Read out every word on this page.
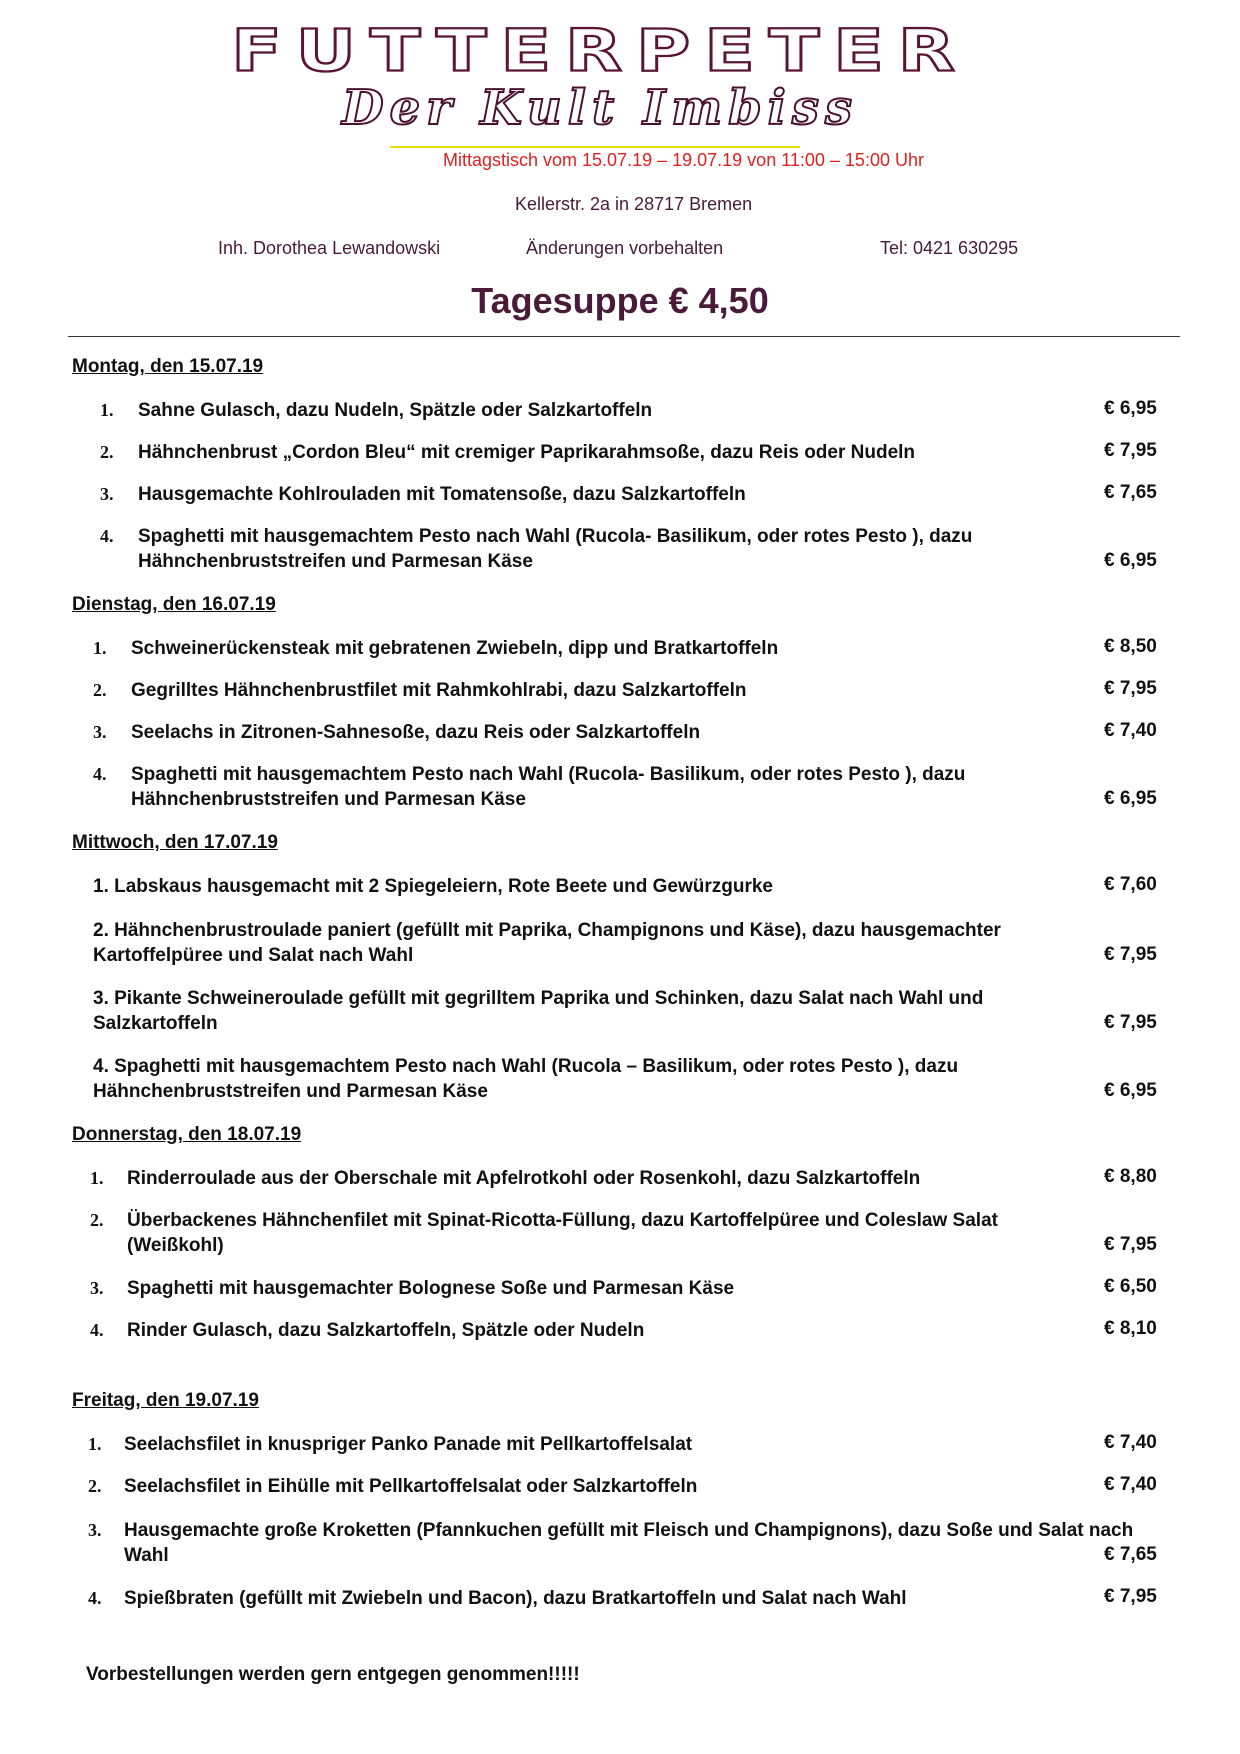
FUTTERPETER
Der Kult Imbiss
Mittagstisch vom 15.07.19 – 19.07.19 von 11:00 – 15:00 Uhr
Kellerstr. 2a in 28717 Bremen
Inh. Dorothea Lewandowski	Änderungen vorbehalten	Tel: 0421 630295
Tagesuppe € 4,50
Montag, den 15.07.19
1. Sahne Gulasch, dazu Nudeln, Spätzle oder Salzkartoffeln	€ 6,95
2. Hähnchenbrust „Cordon Bleu“ mit cremiger Paprikarahmsoße, dazu Reis oder Nudeln	€ 7,95
3. Hausgemachte Kohlrouladen mit Tomatensoße, dazu Salzkartoffeln	€ 7,65
4. Spaghetti mit hausgemachtem Pesto nach Wahl (Rucola- Basilikum, oder rotes Pesto ), dazu Hähnchenbruststreifen und Parmesan Käse	€ 6,95
Dienstag, den 16.07.19
1. Schweinerückensteak mit gebratenen Zwiebeln, dipp und Bratkartoffeln	€ 8,50
2. Gegrilltes Hähnchenbrustfilet mit Rahmkohlrabi, dazu Salzkartoffeln	€ 7,95
3. Seelachs in Zitronen-Sahnesoße, dazu Reis oder Salzkartoffeln	€ 7,40
4. Spaghetti mit hausgemachtem Pesto nach Wahl (Rucola- Basilikum, oder rotes Pesto ), dazu Hähnchenbruststreifen und Parmesan Käse	€ 6,95
Mittwoch, den 17.07.19
1. Labskaus hausgemacht mit 2 Spiegeleiern, Rote Beete und Gewürzgurke	€ 7,60
2. Hähnchenbrustroulade paniert (gefüllt mit Paprika, Champignons und Käse), dazu hausgemachter Kartoffelpüree und Salat nach Wahl	€ 7,95
3. Pikante Schweineroulade gefüllt mit gegrilltem Paprika und Schinken, dazu Salat nach Wahl und Salzkartoffeln	€ 7,95
4. Spaghetti mit hausgemachtem Pesto nach Wahl (Rucola – Basilikum, oder rotes Pesto ), dazu Hähnchenbruststreifen und Parmesan Käse	€ 6,95
Donnerstag, den 18.07.19
1. Rinderroulade aus der Oberschale mit Apfelrotkohl oder Rosenkohl, dazu Salzkartoffeln	€ 8,80
2. Überbackenes Hähnchenfilet mit Spinat-Ricotta-Füllung, dazu Kartoffelpüree und Coleslaw Salat (Weißkohl)	€ 7,95
3. Spaghetti mit hausgemachter Bolognese Soße und Parmesan Käse	€ 6,50
4. Rinder Gulasch, dazu Salzkartoffeln, Spätzle oder Nudeln	€ 8,10
Freitag, den 19.07.19
1. Seelachsfilet in knuspriger Panko Panade mit Pellkartoffelsalat	€ 7,40
2. Seelachsfilet in Eihülle mit Pellkartoffelsalat oder Salzkartoffeln	€ 7,40
3. Hausgemachte große Kroketten (Pfannkuchen gefüllt mit Fleisch und Champignons), dazu Soße und Salat nach Wahl	€ 7,65
4. Spießbraten (gefüllt mit Zwiebeln und Bacon), dazu Bratkartoffeln und Salat nach Wahl	€ 7,95
Vorbestellungen werden gern entgegen genommen!!!!!
